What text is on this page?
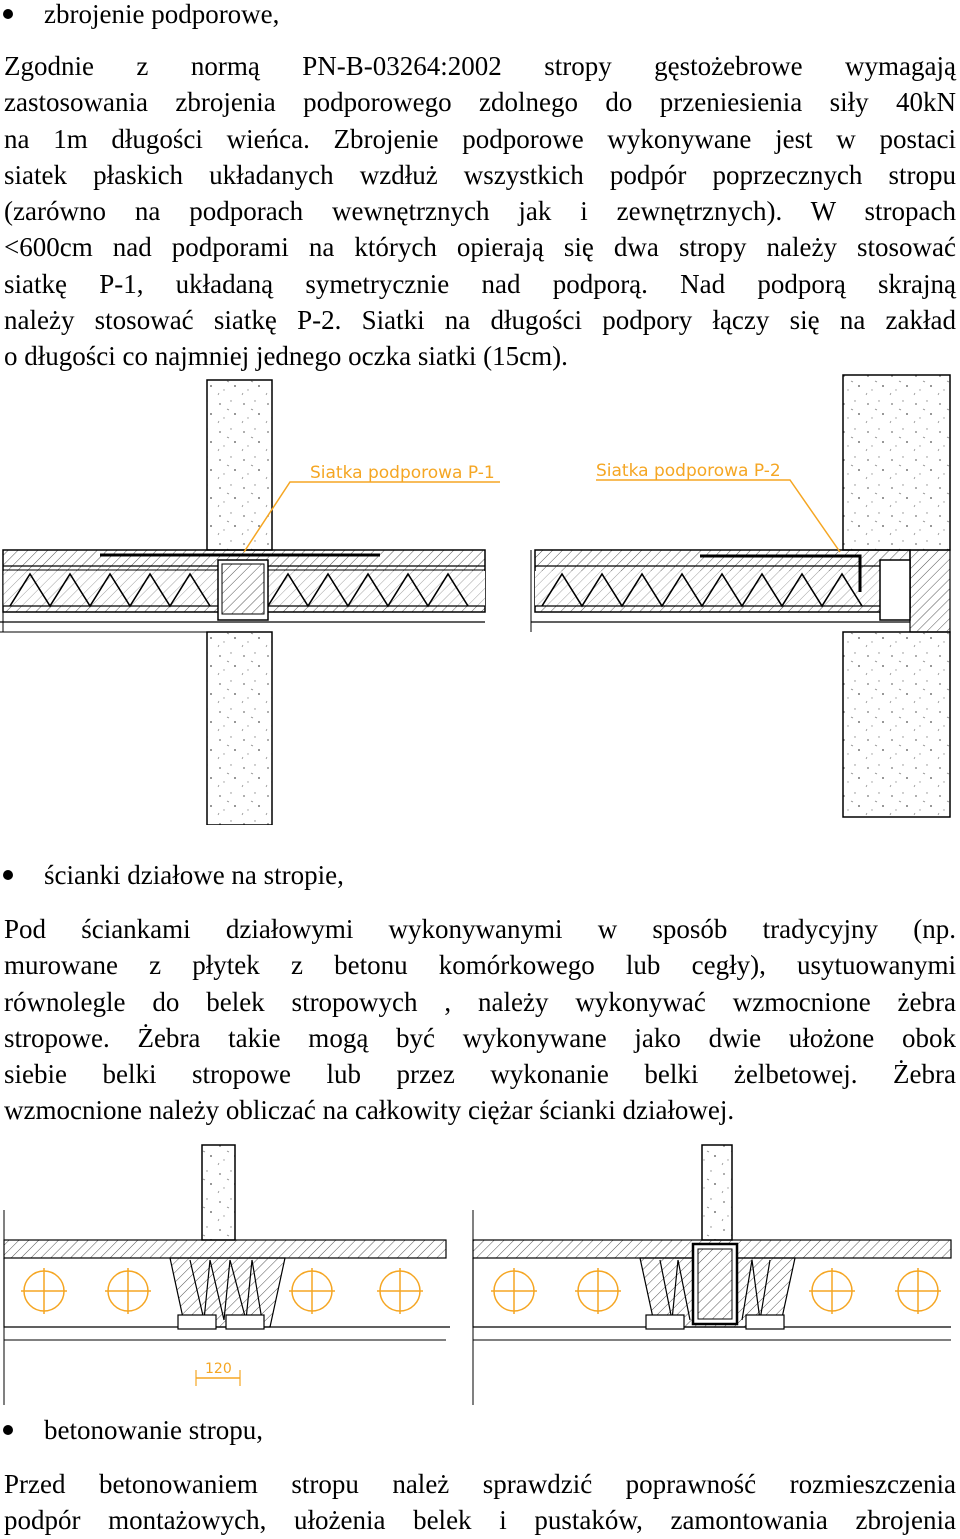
zbrojenie podporowe,
Zgodnie z normą PN-B-03264:2002 stropy gęstożebrowe wymagają
zastosowania zbrojenia podporowego zdolnego do przeniesienia siły 40kN
na 1m długości wieńca. Zbrojenie podporowe wykonywane jest w postaci
siatek płaskich układanych wzdłuż wszystkich podpór poprzecznych stropu
(zarówno na podporach wewnętrznych jak i zewnętrznych). W stropach
<600cm nad podporami na których opierają się dwa stropy należy stosować
siatkę P-1, układaną symetrycznie nad podporą. Nad podporą skrajną
należy stosować siatkę P-2. Siatki na długości podpory łączy się na zakład
o długości co najmniej jednego oczka siatki (15cm).
Siatka podporowa P-1	Siatka podporowa P-2
ścianki działowe na stropie,
Pod ściankami działowymi wykonywanymi w sposób tradycyjny (np.
murowane z płytek z betonu komórkowego lub cegły), usytuowanymi
równolegle do belek stropowych , należy wykonywać wzmocnione żebra
stropowe. Żebra takie mogą być wykonywane jako dwie ułożone obok
siebie belki stropowe lub przez wykonanie belki żelbetowej. Żebra
wzmocnione należy obliczać na całkowity ciężar ścianki działowej.
120
betonowanie stropu,
Przed betonowaniem stropu należ sprawdzić poprawność rozmieszczenia
podpór montażowych, ułożenia belek i pustaków, zamontowania zbrojenia
